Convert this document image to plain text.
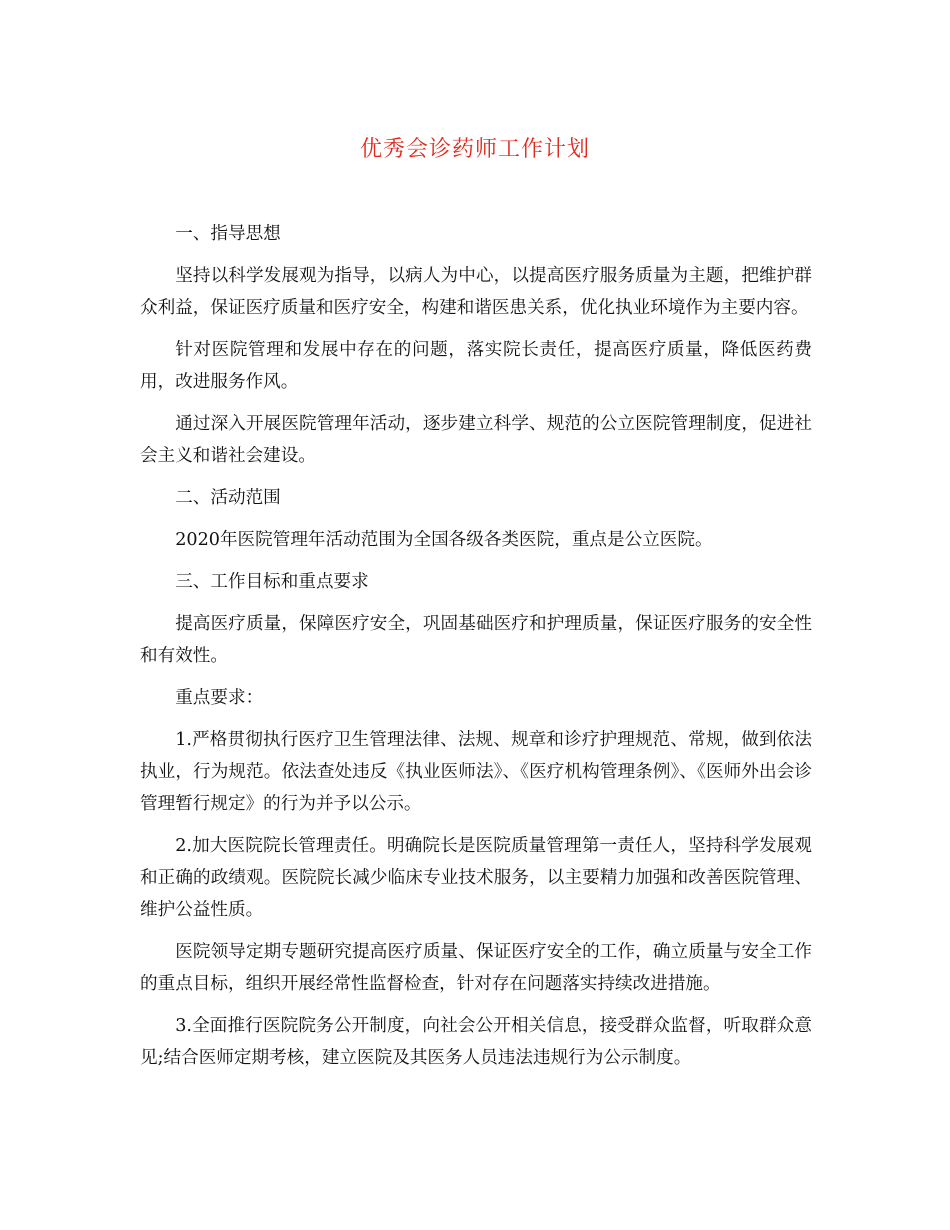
优秀会诊药师工作计划

一、指导思想

坚持以科学发展观为指导，以病人为中心，以提高医疗服务质量为主题，把维护群众利益，保证医疗质量和医疗安全，构建和谐医患关系，优化执业环境作为主要内容。

针对医院管理和发展中存在的问题，落实院长责任，提高医疗质量，降低医药费用，改进服务作风。

通过深入开展医院管理年活动，逐步建立科学、规范的公立医院管理制度，促进社会主义和谐社会建设。

二、活动范围

2020年医院管理年活动范围为全国各级各类医院，重点是公立医院。

三、工作目标和重点要求

提高医疗质量，保障医疗安全，巩固基础医疗和护理质量，保证医疗服务的安全性和有效性。

重点要求：

1.严格贯彻执行医疗卫生管理法律、法规、规章和诊疗护理规范、常规，做到依法执业，行为规范。依法查处违反《执业医师法》、《医疗机构管理条例》、《医师外出会诊管理暂行规定》的行为并予以公示。

2.加大医院院长管理责任。明确院长是医院质量管理第一责任人，坚持科学发展观和正确的政绩观。医院院长减少临床专业技术服务，以主要精力加强和改善医院管理、维护公益性质。

医院领导定期专题研究提高医疗质量、保证医疗安全的工作，确立质量与安全工作的重点目标，组织开展经常性监督检查，针对存在问题落实持续改进措施。

3.全面推行医院院务公开制度，向社会公开相关信息，接受群众监督，听取群众意见;结合医师定期考核，建立医院及其医务人员违法违规行为公示制度。
